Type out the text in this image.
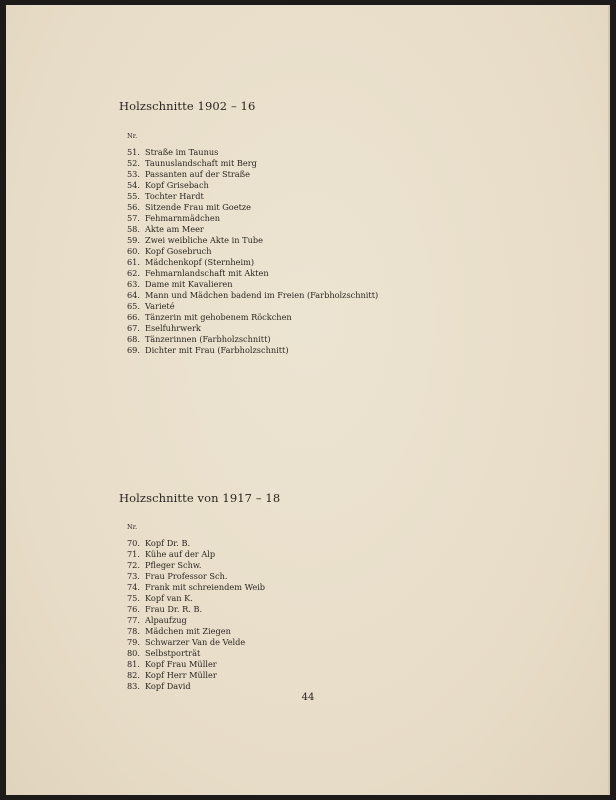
Holzschnitte 1902 – 16
Nr.
51. Straße im Taunus
52. Taunuslandschaft mit Berg
53. Passanten auf der Straße
54. Kopf Grisebach
55. Tochter Hardt
56. Sitzende Frau mit Goetze
57. Fehmarnmädchen
58. Akte am Meer
59. Zwei weibliche Akte in Tube
60. Kopf Gosebruch
61. Mädchenkopf (Sternheim)
62. Fehmarnlandschaft mit Akten
63. Dame mit Kavalieren
64. Mann und Mädchen badend im Freien (Farbholzschnitt)
65. Varieté
66. Tänzerin mit gehobenem Röckchen
67. Eselfuhrwerk
68. Tänzerinnen (Farbholzschnitt)
69. Dichter mit Frau (Farbholzschnitt)
Holzschnitte von 1917 – 18
Nr.
70. Kopf Dr. B.
71. Kühe auf der Alp
72. Pfleger Schw.
73. Frau Professor Sch.
74. Frank mit schreiendem Weib
75. Kopf van K.
76. Frau Dr. R. B.
77. Alpaufzug
78. Mädchen mit Ziegen
79. Schwarzer Van de Velde
80. Selbstporträt
81. Kopf Frau Müller
82. Kopf Herr Müller
83. Kopf David
44
